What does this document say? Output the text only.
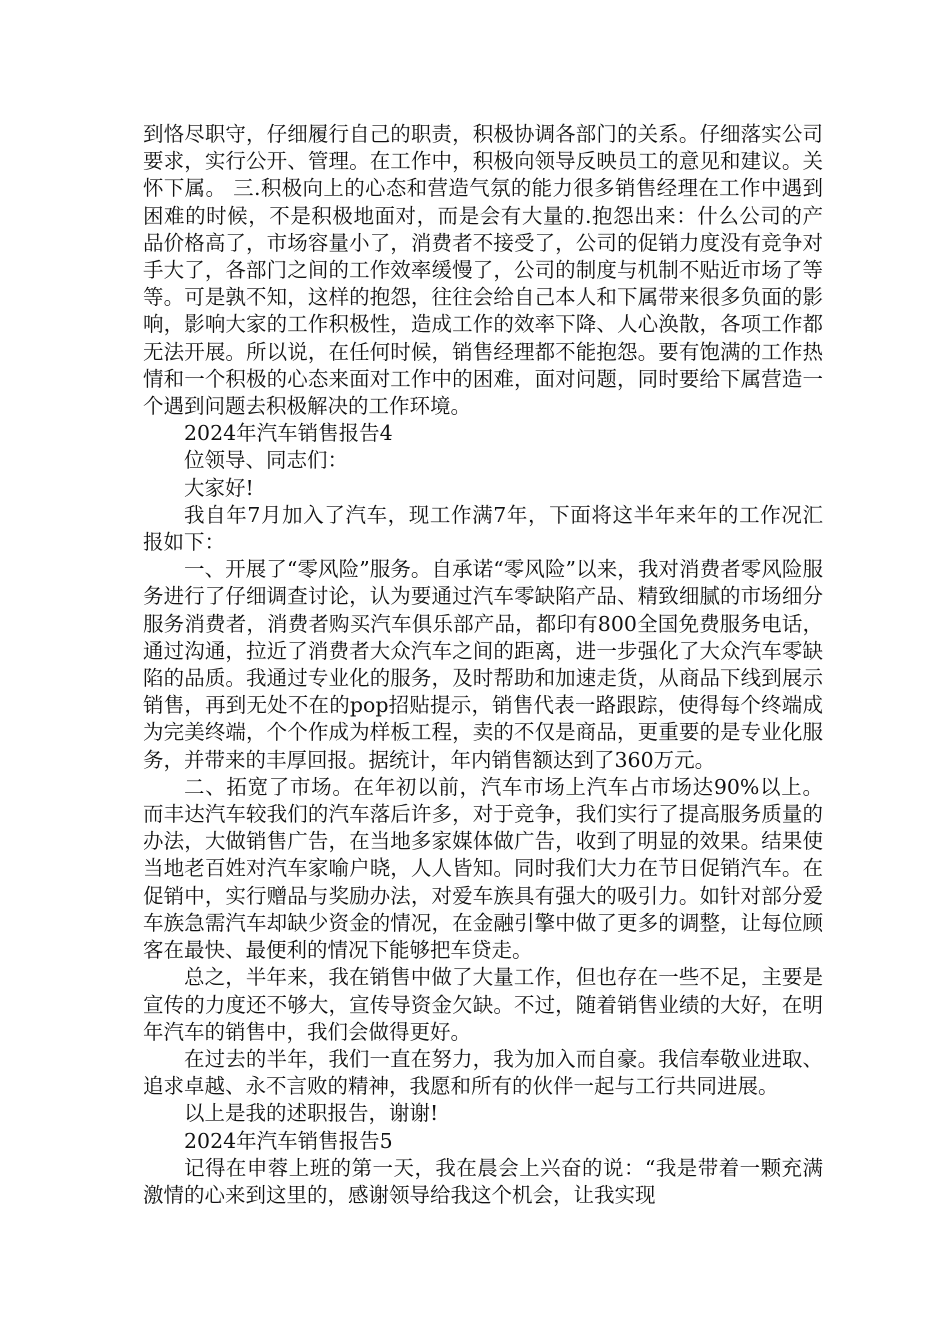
到恪尽职守，仔细履行自己的职责，积极协调各部门的关系。仔细落实公司要求，实行公开、管理。在工作中，积极向领导反映员工的意见和建议。关怀下属。 三.积极向上的心态和营造气氛的能力很多销售经理在工作中遇到困难的时候，不是积极地面对，而是会有大量的.抱怨出来：什么公司的产品价格高了，市场容量小了，消费者不接受了，公司的促销力度没有竞争对手大了，各部门之间的工作效率缓慢了，公司的制度与机制不贴近市场了等等。可是孰不知，这样的抱怨，往往会给自己本人和下属带来很多负面的影响，影响大家的工作积极性，造成工作的效率下降、人心涣散，各项工作都无法开展。所以说，在任何时候，销售经理都不能抱怨。要有饱满的工作热情和一个积极的心态来面对工作中的困难，面对问题，同时要给下属营造一个遇到问题去积极解决的工作环境。

2024年汽车销售报告4

位领导、同志们：

大家好!

我自年7月加入了汽车，现工作满7年，下面将这半年来年的工作况汇报如下：

一、开展了“零风险”服务。自承诺“零风险”以来，我对消费者零风险服务进行了仔细调查讨论，认为要通过汽车零缺陷产品、精致细腻的市场细分服务消费者，消费者购买汽车俱乐部产品，都印有800全国免费服务电话，通过沟通，拉近了消费者大众汽车之间的距离，进一步强化了大众汽车零缺陷的品质。我通过专业化的服务，及时帮助和加速走货，从商品下线到展示销售，再到无处不在的pop招贴提示，销售代表一路跟踪，使得每个终端成为完美终端，个个作成为样板工程，卖的不仅是商品，更重要的是专业化服务，并带来的丰厚回报。据统计，年内销售额达到了360万元。

二、拓宽了市场。在年初以前，汽车市场上汽车占市场达90%以上。而丰达汽车较我们的汽车落后许多，对于竞争，我们实行了提高服务质量的办法，大做销售广告，在当地多家媒体做广告，收到了明显的效果。结果使当地老百姓对汽车家喻户晓，人人皆知。同时我们大力在节日促销汽车。在促销中，实行赠品与奖励办法，对爱车族具有强大的吸引力。如针对部分爱车族急需汽车却缺少资金的情况，在金融引擎中做了更多的调整，让每位顾客在最快、最便利的情况下能够把车贷走。

总之，半年来，我在销售中做了大量工作，但也存在一些不足，主要是宣传的力度还不够大，宣传导资金欠缺。不过，随着销售业绩的大好，在明年汽车的销售中，我们会做得更好。

在过去的半年，我们一直在努力，我为加入而自豪。我信奉敬业进取、追求卓越、永不言败的精神，我愿和所有的伙伴一起与工行共同进展。

以上是我的述职报告，谢谢!

2024年汽车销售报告5

记得在申蓉上班的第一天，我在晨会上兴奋的说：“我是带着一颗充满激情的心来到这里的，感谢领导给我这个机会，让我实现
